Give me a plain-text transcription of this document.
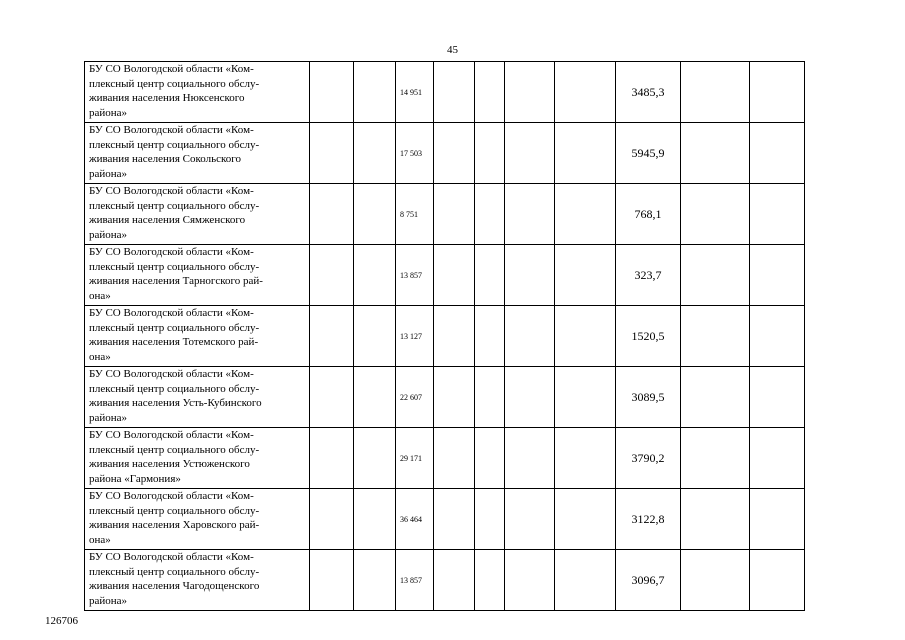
45
БУ СО Вологодской области «Ком-
плексный центр социального обслу-
живания населения Нюксенского
района»			14 951					3485,3		

БУ СО Вологодской области «Ком-
плексный центр социального обслу-
живания населения Сокольского
района»			17 503					5945,9		

БУ СО Вологодской области «Ком-
плексный центр социального обслу-
живания населения Сямженского
района»			8 751					768,1		

БУ СО Вологодской области «Ком-
плексный центр социального обслу-
живания населения Тарногского рай-
она»			13 857					323,7		

БУ СО Вологодской области «Ком-
плексный центр социального обслу-
живания населения Тотемского рай-
она»			13 127					1520,5		

БУ СО Вологодской области «Ком-
плексный центр социального обслу-
живания населения Усть-Кубинского
района»			22 607					3089,5		

БУ СО Вологодской области «Ком-
плексный центр социального обслу-
живания населения Устюженского
района «Гармония»			29 171					3790,2		

БУ СО Вологодской области «Ком-
плексный центр социального обслу-
живания населения Харовского рай-
она»			36 464					3122,8		

БУ СО Вологодской области «Ком-
плексный центр социального обслу-
живания населения Чагодощенского
района»			13 857					3096,7		
126706
